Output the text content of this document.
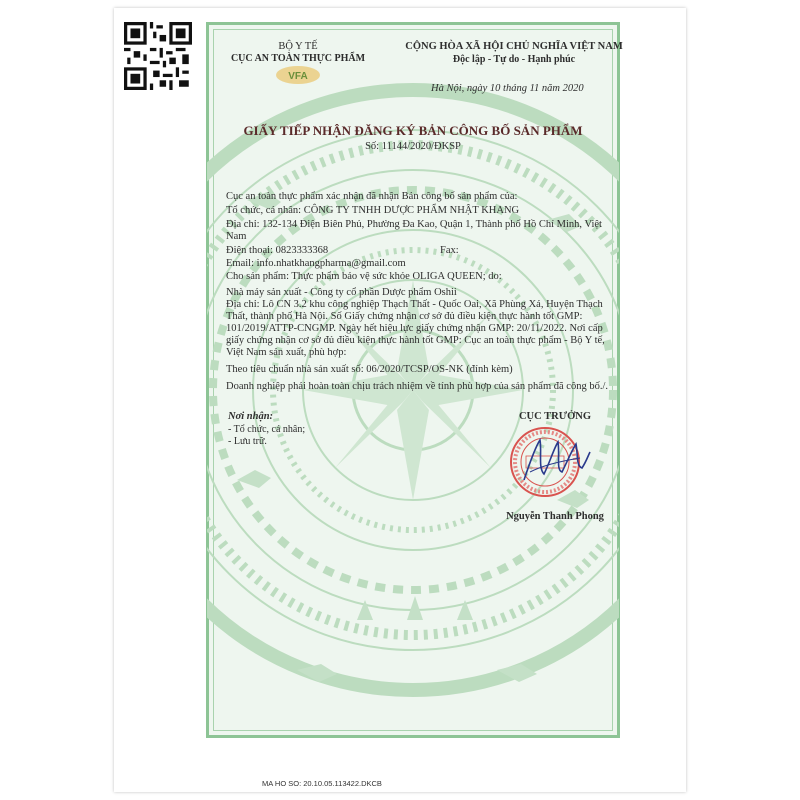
BỘ Y TẾ
CỤC AN TOÀN THỰC PHẨM
VFA
CỘNG HÒA XÃ HỘI CHỦ NGHĨA VIỆT NAM
Độc lập - Tự do - Hạnh phúc
Hà Nội, ngày 10 tháng 11 năm 2020
GIẤY TIẾP NHẬN ĐĂNG KÝ BẢN CÔNG BỐ SẢN PHẨM
Số: 11144/2020/ĐKSP
Cục an toàn thực phẩm xác nhận đã nhận Bản công bố sản phẩm của:
Tổ chức, cá nhân: CÔNG TY TNHH DƯỢC PHẨM NHẬT KHANG
Địa chỉ: 132-134 Điện Biên Phủ, Phường Đa Kao, Quận 1, Thành phố Hồ Chí Minh, Việt
Nam
Điện thoại: 0823333368	Fax:
Email: info.nhatkhangpharma@gmail.com
Cho sản phẩm: Thực phẩm bảo vệ sức khỏe OLIGA QUEEN; do:
Nhà máy sản xuất - Công ty cổ phần Dược phẩm Oshii
Địa chỉ: Lô CN 3.2 khu công nghiệp Thạch Thất - Quốc Oai, Xã Phùng Xá, Huyện Thạch
Thất, thành phố Hà Nội. Số Giấy chứng nhận cơ sở đủ điều kiện thực hành tốt GMP:
101/2019/ATTP-CNGMP. Ngày hết hiệu lực giấy chứng nhận GMP: 20/11/2022. Nơi cấp
giấy chứng nhận cơ sở đủ điều kiện thực hành tốt GMP: Cục an toàn thực phẩm - Bộ Y tế,
Việt Nam sản xuất, phù hợp:
Theo tiêu chuẩn nhà sản xuất số: 06/2020/TCSP/OS-NK (đính kèm)
Doanh nghiệp phải hoàn toàn chịu trách nhiệm về tính phù hợp của sản phẩm đã công bố./.
Nơi nhận:
- Tổ chức, cá nhân;
- Lưu trữ.
CỤC TRƯỞNG
Nguyễn Thanh Phong
MA HO SO: 20.10.05.113422.DKCB
